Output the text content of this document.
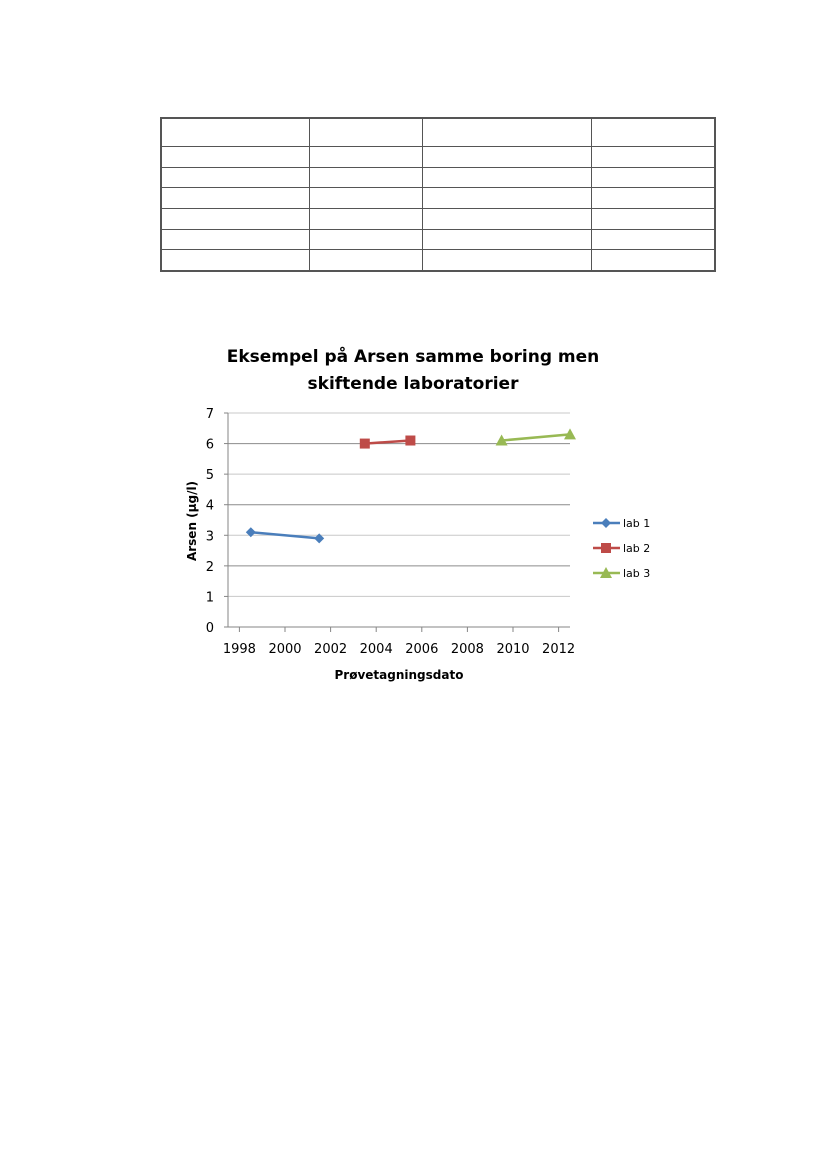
Eksempel på Arsen samme boring men
skiftende laboratorier
0
1
2
3
4
5
6
7
1998 2000 2002 2004 2006 2008 2010 2012
Prøvetagningsdato
Arsen (µg/l)	lab 1
lab 2
lab 3
